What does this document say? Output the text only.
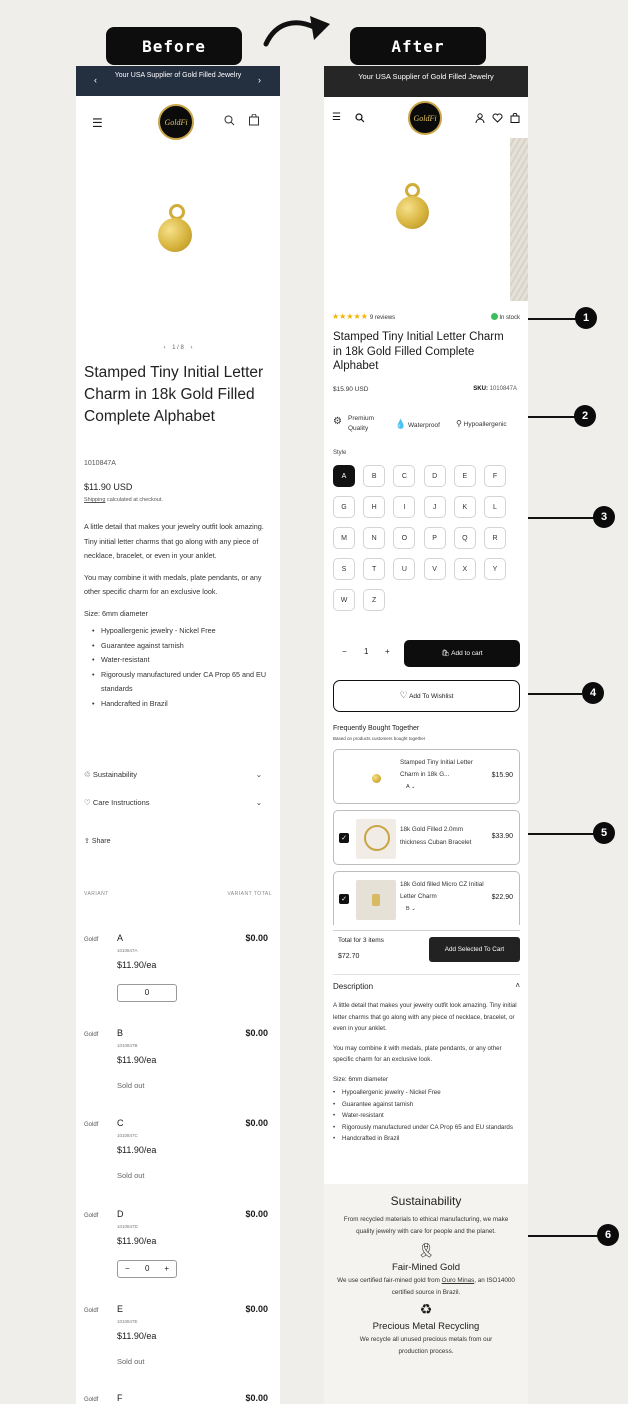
Before	After
Your USA Supplier of Gold Filled Jewelry
‹	›
☰	GoldFi
‹ 1 / 8 ›
Stamped Tiny Initial Letter Charm in 18k Gold Filled Complete Alphabet
1010847A
$11.90 USD
Shipping calculated at checkout.

A little detail that makes your jewelry outfit look amazing. Tiny initial letter charms that go along with any piece of necklace, bracelet, or even in your anklet.

You may combine it with medals, plate pendants, or any other specific charm for an exclusive look.

Size: 6mm diameter

• Hypoallergenic jewelry - Nickel Free
• Guarantee against tarnish
• Water-resistant
• Rigorously manufactured under CA Prop 65 and EU standards
• Handcrafted in Brazil
♲ Sustainability	⌄
♡ Care Instructions	⌄
⇪ Share
VARIANT	VARIANT TOTAL
Goldf A
1010847A
$11.90/ea
$0.00
0
Goldf B
1010847B
$11.90/ea
$0.00
Sold out
Goldf C
1010847C
$11.90/ea
$0.00
Sold out
Goldf D
1010847D
$11.90/ea
$0.00
− 0 +
Goldf E
1010847E
$11.90/ea
$0.00
Sold out
Goldf F	$0.00
Your USA Supplier of Gold Filled Jewelry
☰	GoldFi
★★★★★ 9 reviews	In stock
Stamped Tiny Initial Letter Charm in 18k Gold Filled Complete Alphabet
$15.90 USD	SKU: 1010847A
⚙ Premium Quality	💧 Waterproof ⚲ Hypoallergenic
Style
− 1 +	🛍 Add to cart
♡ Add To Wishlist
Frequently Bought Together
Based on products customers bought together
Stamped Tiny Initial Letter Charm in 18k G...
A ⌄
$15.90
✓
18k Gold Filled 2.0mm thickness Cuban Bracelet
$33.90
✓
18k Gold filled Micro CZ Initial Letter Charm
B ⌄
$22.90
Total for 3 items
$72.70
Add Selected To Cart
Description	˄

A little detail that makes your jewelry outfit look amazing. Tiny initial letter charms that go along with any piece of necklace, bracelet, or even in your anklet.

You may combine it with medals, plate pendants, or any other specific charm for an exclusive look.

Size: 6mm diameter

• Hypoallergenic jewelry - Nickel Free
• Guarantee against tarnish
• Water-resistant
• Rigorously manufactured under CA Prop 65 and EU standards
• Handcrafted in Brazil
Sustainability
From recycled materials to ethical manufacturing, we make quality jewelry with care for people and the planet.
🎗
Fair-Mined Gold
We use certified fair-mined gold from Ouro Minas, an ISO14000 certified source in Brazil.
♻
Precious Metal Recycling
We recycle all unused precious metals from our production process.
A	B	C	D	E	F
G	H	I	J	K	L
M	N	O	P	Q	R
S	T	U	V	X	Y
W	Z
1
2
3
4
5
6
